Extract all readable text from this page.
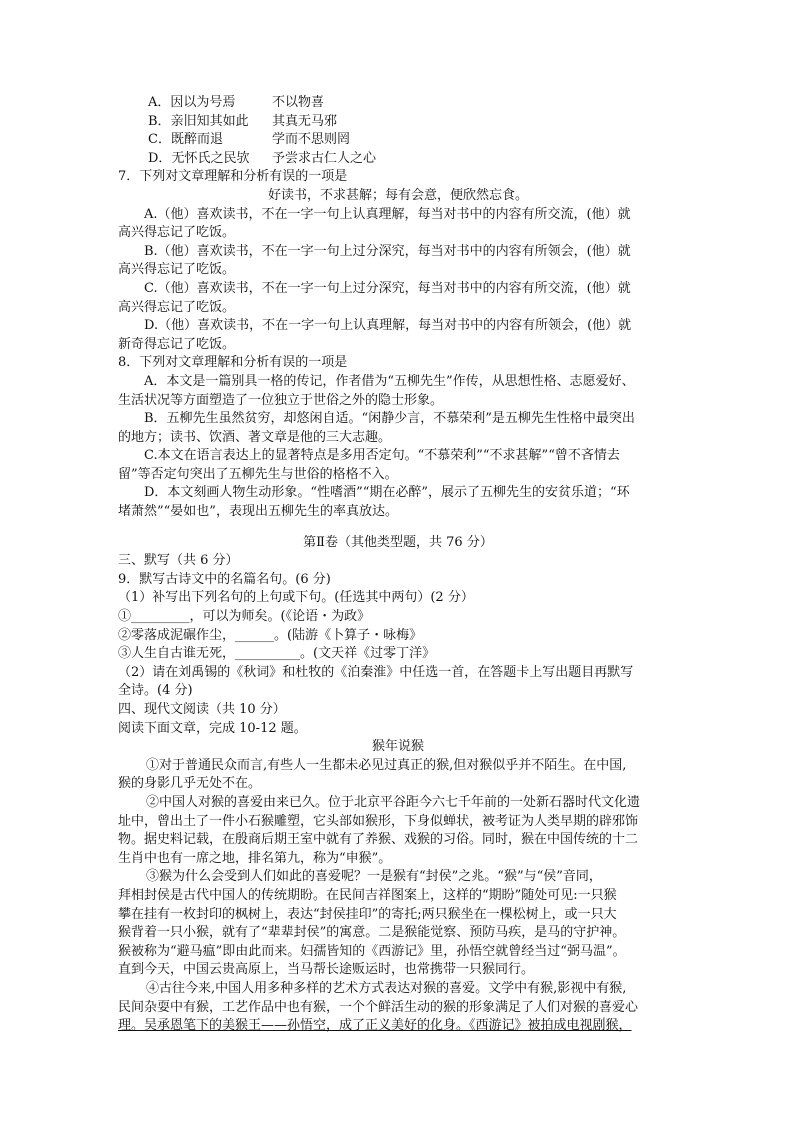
A．因以为号焉	不以物喜
B．亲旧知其如此 其真无马邪
C．既醉而退	学而不思则罔
D．无怀氏之民欤 予尝求古仁人之心
7．下列对文章理解和分析有误的一项是
好读书，不求甚解；每有会意，便欣然忘食。
A.（他）喜欢读书，不在一字一句上认真理解，每当对书中的内容有所交流，(他）就
高兴得忘记了吃饭。
B.（他）喜欢读书，不在一字一句上过分深究，每当对书中的内容有所领会，(他）就
高兴得忘记了吃饭。
C.（他）喜欢读书，不在一字一句上过分深究，每当对书中的内容有所交流，(他）就
高兴得忘记了吃饭。
D.（他）喜欢读书，不在一字一句上认真理解，每当对书中的内容有所领会，(他）就
新奇得忘记了吃饭。
8．下列对文章理解和分析有误的一项是
A．本文是一篇别具一格的传记，作者借为“五柳先生”作传，从思想性格、志愿爱好、
生活状况等方面塑造了一位独立于世俗之外的隐士形象。
B．五柳先生虽然贫穷，却悠闲自适。“闲静少言，不慕荣利”是五柳先生性格中最突出
的地方；读书、饮酒、著文章是他的三大志趣。
C.本文在语言表达上的显著特点是多用否定句。“不慕荣利”“不求甚解”“曾不吝情去
留”等否定句突出了五柳先生与世俗的格格不入。
D．本文刻画人物生动形象。“性嗜酒”“期在必醉”，展示了五柳先生的安贫乐道；“环
堵萧然”“晏如也”，表现出五柳先生的率真放达。
第Ⅱ卷（其他类型题，共 76 分）
三、默写（共 6 分）
9．默写古诗文中的名篇名句。(6 分)
（1）补写出下列名句的上句或下句。(任选其中两句）(2 分）
①_________，可以为师矣。(《论语・为政》
②零落成泥碾作尘，______。(陆游《卜算子・咏梅》
③人生自古谁无死，__________。(文天祥《过零丁洋》
（2）请在刘禹锡的《秋词》和杜牧的《泊秦淮》中任选一首，在答题卡上写出题目再默写
全诗。(4 分)
四、现代文阅读（共 10 分）
阅读下面文章，完成 10-12 题。
猴年说猴
①对于普通民众而言,有些人一生都未必见过真正的猴,但对猴似乎并不陌生。在中国,
猴的身影几乎无处不在。
②中国人对猴的喜爱由来已久。位于北京平谷距今六七千年前的一处新石器时代文化遗
址中，曾出土了一件小石猴雕塑，它头部如猴形，下身似蝉状，被考证为人类早期的辟邪饰
物。据史料记载，在殷商后期王室中就有了养猴、戏猴的习俗。同时，猴在中国传统的十二
生肖中也有一席之地，排名第九，称为“申猴”。
③猴为什么会受到人们如此的喜爱呢？一是猴有“封侯”之兆。“猴”与“侯”音同，
拜相封侯是古代中国人的传统期盼。在民间吉祥图案上，这样的“期盼”随处可见:一只猴
攀在挂有一枚封印的枫树上，表达“封侯挂印”的寄托;两只猴坐在一棵松树上，或一只大
猴背着一只小猴，就有了“辈辈封侯”的寓意。二是猴能觉察、预防马疾，是马的守护神。
猴被称为“避马瘟”即由此而来。妇孺皆知的《西游记》里，孙悟空就曾经当过“弼马温”。
直到今天，中国云贵高原上，当马帮长途贩运时，也常携带一只猴同行。
④古往今来,中国人用多种多样的艺术方式表达对猴的喜爱。文学中有猴,影视中有猴,
民间杂耍中有猴，工艺作品中也有猴，一个个鲜活生动的猴的形象满足了人们对猴的喜爱心
理。吴承恩笔下的美猴王——孙悟空，成了正义美好的化身。《西游记》被拍成电视剧猴，
